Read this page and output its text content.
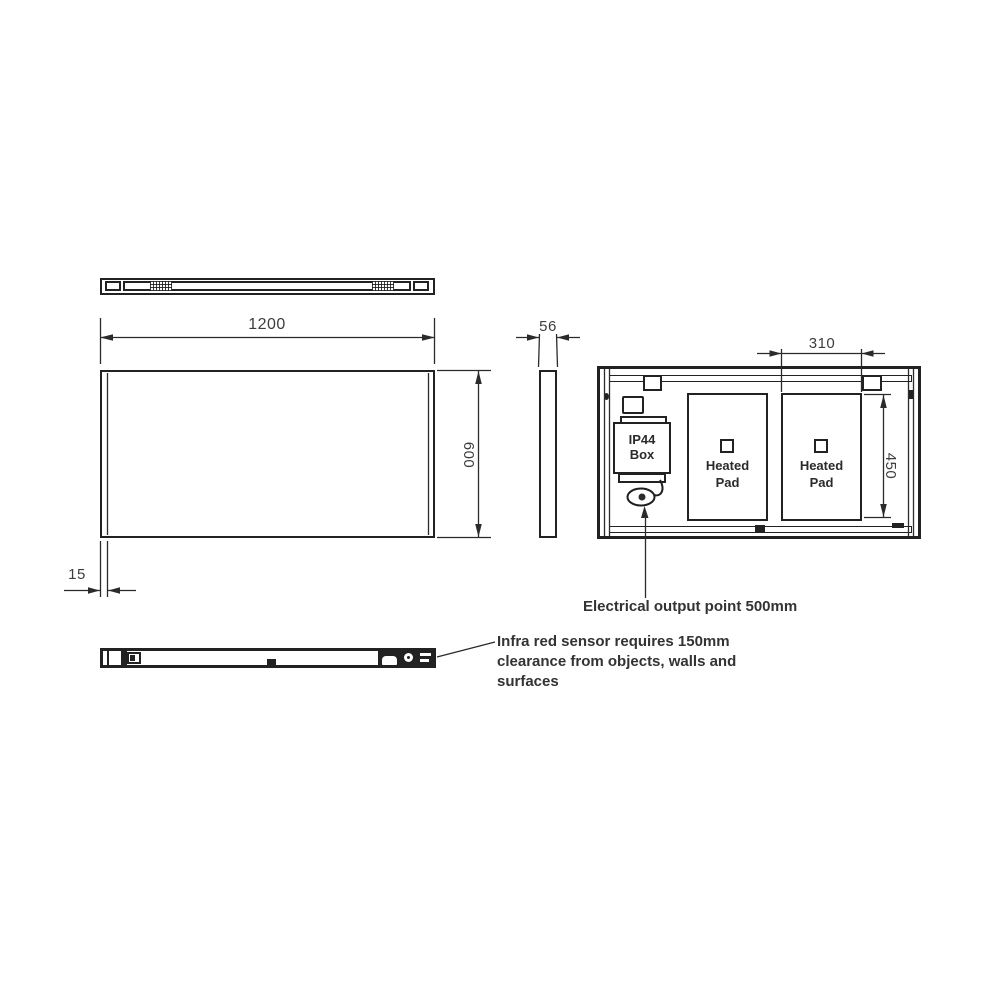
IP44
Box
Heated
Pad
Heated
Pad
1200
600
15
56
310
450
Electrical output point 500mm
Infra red sensor requires 150mm
clearance from objects, walls and
surfaces
